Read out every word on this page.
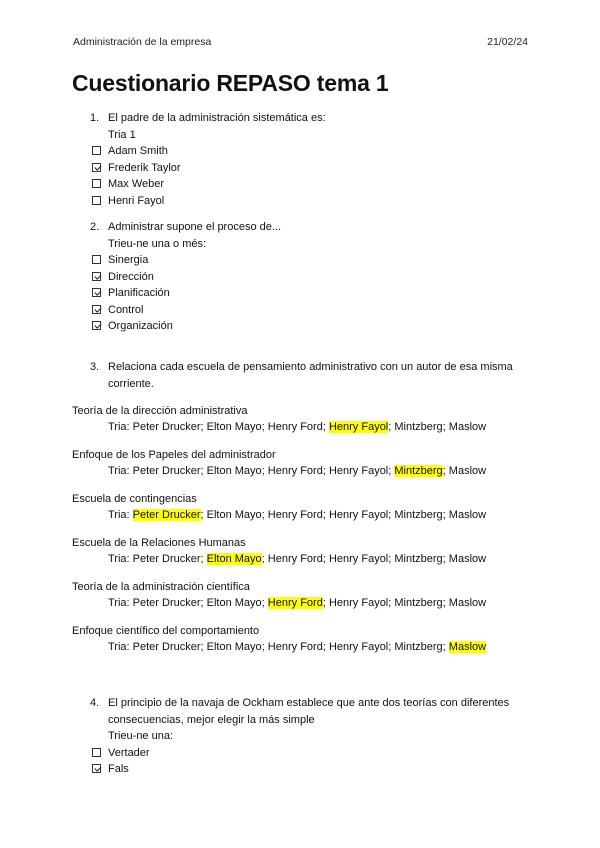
Administración de la empresa	21/02/24
Cuestionario REPASO tema 1
1. El padre de la administración sistemática es:
Tria 1
Adam Smith
Frederik Taylor
Max Weber
Henri Fayol
2. Administrar supone el proceso de...
Trieu-ne una o més:
Sinergia
Dirección
Planificación
Control
Organización
3. Relaciona cada escuela de pensamiento administrativo con un autor de esa misma corriente.
Teoría de la dirección administrativa
Tria: Peter Drucker; Elton Mayo; Henry Ford; Henry Fayol; Mintzberg; Maslow
Enfoque de los Papeles del administrador
Tria: Peter Drucker; Elton Mayo; Henry Ford; Henry Fayol; Mintzberg; Maslow
Escuela de contingencias
Tria: Peter Drucker; Elton Mayo; Henry Ford; Henry Fayol; Mintzberg; Maslow
Escuela de la Relaciones Humanas
Tria: Peter Drucker; Elton Mayo; Henry Ford; Henry Fayol; Mintzberg; Maslow
Teoría de la administración científica
Tria: Peter Drucker; Elton Mayo; Henry Ford; Henry Fayol; Mintzberg; Maslow
Enfoque científico del comportamiento
Tria: Peter Drucker; Elton Mayo; Henry Ford; Henry Fayol; Mintzberg; Maslow
4. El principio de la navaja de Ockham establece que ante dos teorías con diferentes consecuencias, mejor elegir la más simple
Trieu-ne una:
Vertader
Fals
